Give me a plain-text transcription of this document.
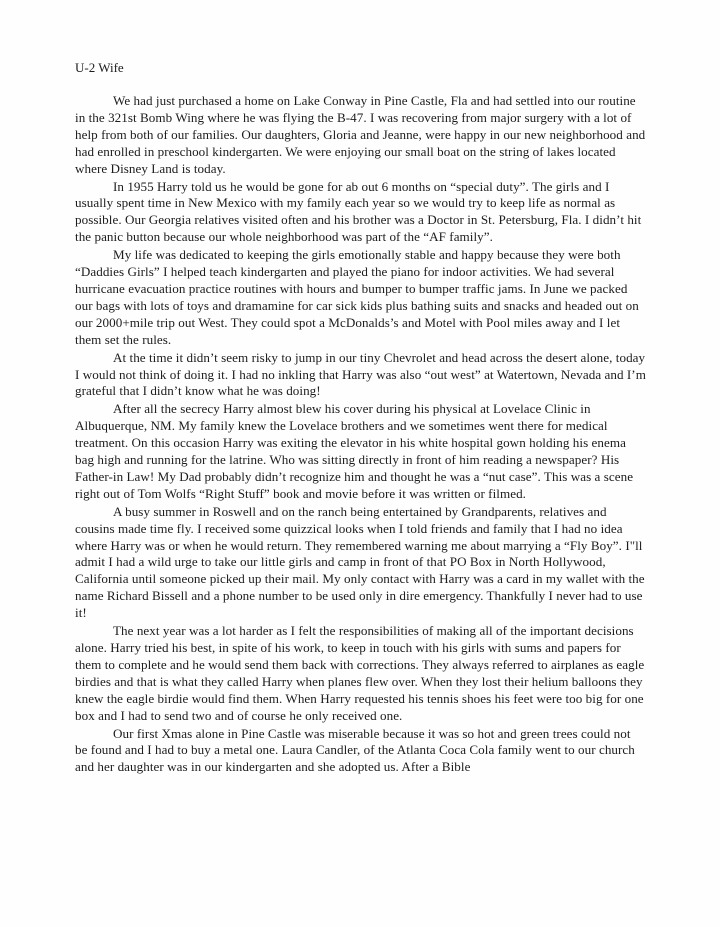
U-2 Wife

We had just purchased a home on Lake Conway in Pine Castle, Fla and had settled into our routine in the 321st Bomb Wing where he was flying the B-47. I was recovering from major surgery with a lot of help from both of our families. Our daughters, Gloria and Jeanne, were happy in our new neighborhood and had enrolled in preschool kindergarten. We were enjoying our small boat on the string of lakes located where Disney Land is today.

In 1955 Harry told us he would be gone for ab out 6 months on “special duty”. The girls and I usually spent time in New Mexico with my family each year so we would try to keep life as normal as possible. Our Georgia relatives visited often and his brother was a Doctor in St. Petersburg, Fla. I didn’t hit the panic button because our whole neighborhood was part of the “AF family”.

My life was dedicated to keeping the girls emotionally stable and happy because they were both “Daddies Girls” I helped teach kindergarten and played the piano for indoor activities. We had several hurricane evacuation practice routines with hours and bumper to bumper traffic jams. In June we packed our bags with lots of toys and dramamine for car sick kids plus bathing suits and snacks and headed out on our 2000+mile trip out West. They could spot a McDonalds’s and Motel with Pool miles away and I let them set the rules.

At the time it didn’t seem risky to jump in our tiny Chevrolet and head across the desert alone, today I would not think of doing it. I had no inkling that Harry was also “out west” at Watertown, Nevada and I’m grateful that I didn’t know what he was doing!

After all the secrecy Harry almost blew his cover during his physical at Lovelace Clinic in Albuquerque, NM. My family knew the Lovelace brothers and we sometimes went there for medical treatment. On this occasion Harry was exiting the elevator in his white hospital gown holding his enema bag high and running for the latrine. Who was sitting directly in front of him reading a newspaper? His Father-in Law! My Dad probably didn’t recognize him and thought he was a “nut case”. This was a scene right out of Tom Wolfs “Right Stuff” book and movie before it was written or filmed.

A busy summer in Roswell and on the ranch being entertained by Grandparents, relatives and cousins made time fly. I received some quizzical looks when I told friends and family that I had no idea where Harry was or when he would return. They remembered warning me about marrying a “Fly Boy”. I"ll admit I had a wild urge to take our little girls and camp in front of that PO Box in North Hollywood, California until someone picked up their mail. My only contact with Harry was a card in my wallet with the name Richard Bissell and a phone number to be used only in dire emergency. Thankfully I never had to use it!

The next year was a lot harder as I felt the responsibilities of making all of the important decisions alone. Harry tried his best, in spite of his work, to keep in touch with his girls with sums and papers for them to complete and he would send them back with corrections. They always referred to airplanes as eagle birdies and that is what they called Harry when planes flew over. When they lost their helium balloons they knew the eagle birdie would find them. When Harry requested his tennis shoes his feet were too big for one box and I had to send two and of course he only received one.

Our first Xmas alone in Pine Castle was miserable because it was so hot and green trees could not be found and I had to buy a metal one. Laura Candler, of the Atlanta Coca Cola family went to our church and her daughter was in our kindergarten and she adopted us. After a Bible
